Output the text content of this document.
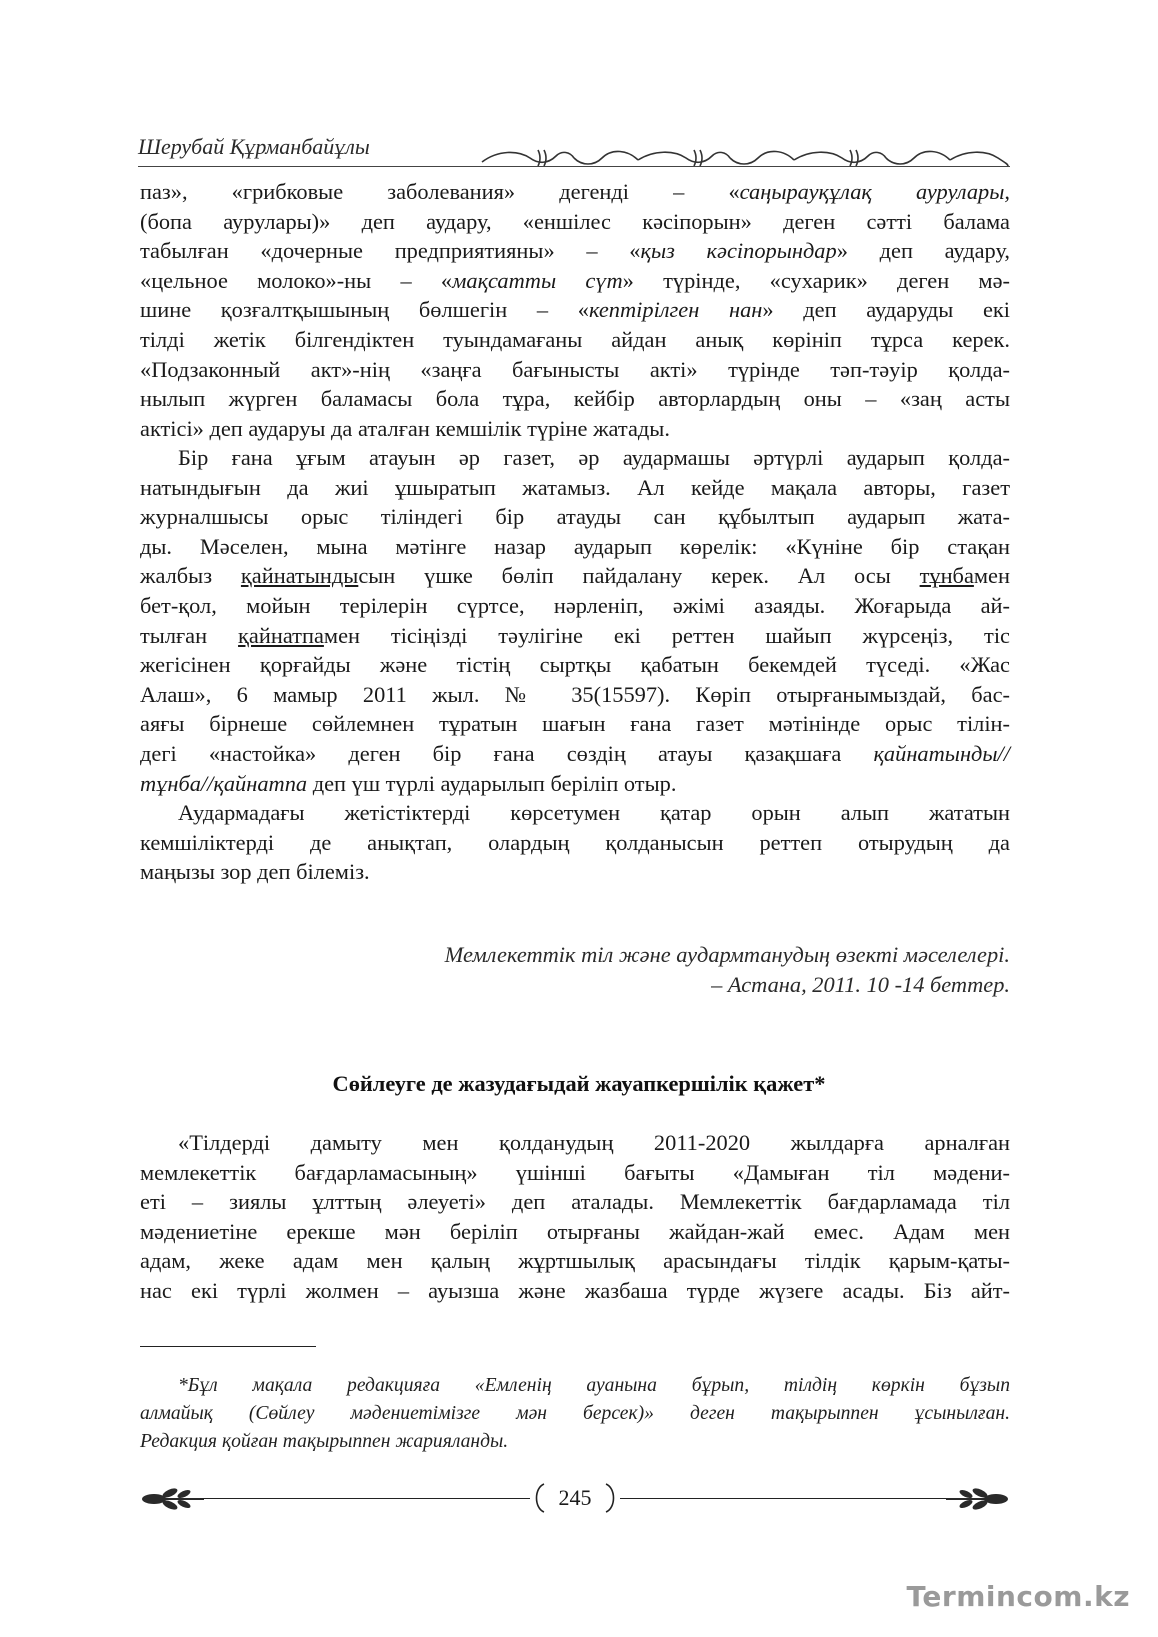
Шерубай Құрманбайұлы
паз», «грибковые заболевания» дегенді – «саңырауқұлақ аурулары,
(бопа аурулары)» деп аудару, «еншілес кәсіпорын» деген сәтті балама
табылған «дочерные предприятияны» – «қыз кәсіпорындар» деп аудару,
«цельное молоко»-ны – «мақсатты сүт» түрінде, «сухарик» деген мә-
шине қозғалтқышының бөлшегін – «кептірілген нан» деп аударуды екі
тілді жетік білгендіктен туындамағаны айдан анық көрініп тұрса керек.
«Подзаконный акт»-нің «заңға бағынысты акті» түрінде тәп-тәуір қолда-
нылып жүрген баламасы бола тұра, кейбір авторлардың оны – «заң асты
актісі» деп аударуы да аталған кемшілік түріне жатады.
Бір ғана ұғым атауын әр газет, әр аудармашы әртүрлі аударып қолда-
натындығын да жиі ұшыратып жатамыз. Ал кейде мақала авторы, газет
журналшысы орыс тіліндегі бір атауды сан құбылтып аударып жата-
ды. Мәселен, мына мәтінге назар аударып көрелік: «Күніне бір стақан
жалбыз қайнатындысын үшке бөліп пайдалану керек. Ал осы тұнбамен
бет-қол, мойын терілерін сүртсе, нәрленіп, әжімі азаяды. Жоғарыда ай-
тылған қайнатпамен тісіңізді тәулігіне екі реттен шайып жүрсеңіз, тіс
жегісінен қорғайды және тістің сыртқы қабатын бекемдей түседі. «Жас
Алаш», 6 мамыр 2011 жыл. № 35(15597). Көріп отырғанымыздай, бас-
аяғы бірнеше сөйлемнен тұратын шағын ғана газет мәтінінде орыс тілін-
дегі «настойка» деген бір ғана сөздің атауы қазақшаға қайнатынды//
тұнба//қайнатпа деп үш түрлі аударылып беріліп отыр.
Аудармадағы жетістіктерді көрсетумен қатар орын алып жататын
кемшіліктерді де анықтап, олардың қолданысын реттеп отырудың да
маңызы зор деп білеміз.
Мемлекеттік тіл және аудармтанудың өзекті мәселелері.
– Астана, 2011. 10 -14 беттер.
Сөйлеуге де жазудағыдай жауапкершілік қажет*
«Тілдерді дамыту мен қолданудың 2011-2020 жылдарға арналған
мемлекеттік бағдарламасының» үшінші бағыты «Дамыған тіл мәдени-
еті – зиялы ұлттың әлеуеті» деп аталады. Мемлекеттік бағдарламада тіл
мәдениетіне ерекше мән беріліп отырғаны жайдан-жай емес. Адам мен
адам, жеке адам мен қалың жұртшылық арасындағы тілдік қарым-қаты-
нас екі түрлі жолмен – ауызша және жазбаша түрде жүзеге асады. Біз айт-
*Бұл мақала редакцияға «Емленің ауанына бұрып, тілдің көркін бұзып
алмайық (Сөйлеу мәдениетімізге мән берсек)» деген тақырыппен ұсынылған.
Редакция қойған тақырыппен жарияланды.
245
Termincom.kz
